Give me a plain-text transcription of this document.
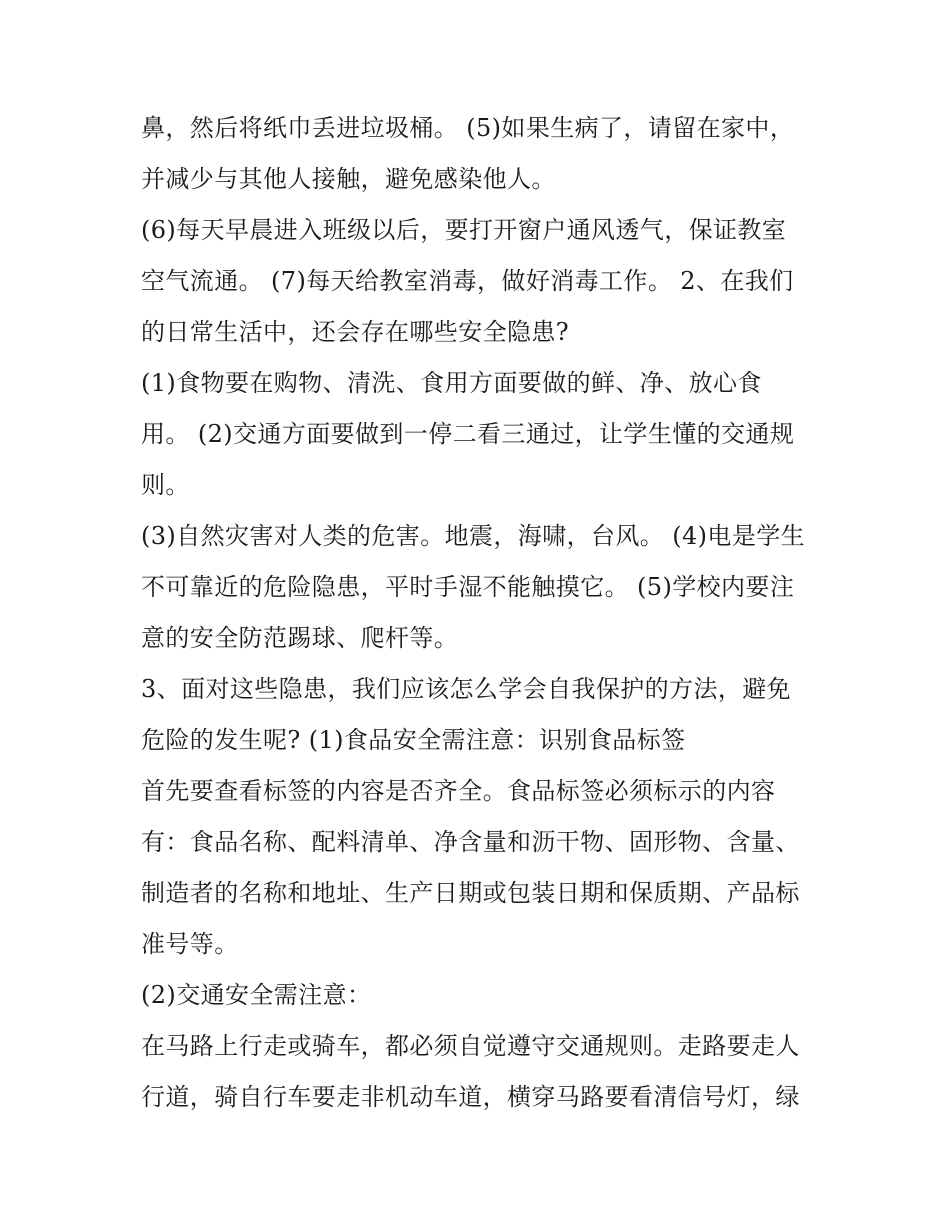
鼻，然后将纸巾丢进垃圾桶。 (5)如果生病了，请留在家中，
并减少与其他人接触，避免感染他人。
(6)每天早晨进入班级以后，要打开窗户通风透气，保证教室
空气流通。 (7)每天给教室消毒，做好消毒工作。 2、在我们
的日常生活中，还会存在哪些安全隐患?
(1)食物要在购物、清洗、食用方面要做的鲜、净、放心食
用。 (2)交通方面要做到一停二看三通过，让学生懂的交通规
则。
(3)自然灾害对人类的危害。地震，海啸，台风。 (4)电是学生
不可靠近的危险隐患，平时手湿不能触摸它。 (5)学校内要注
意的安全防范踢球、爬杆等。
3、面对这些隐患，我们应该怎么学会自我保护的方法，避免
危险的发生呢? (1)食品安全需注意：识别食品标签
首先要查看标签的内容是否齐全。食品标签必须标示的内容
有：食品名称、配料清单、净含量和沥干物、固形物、含量、
制造者的名称和地址、生产日期或包装日期和保质期、产品标
准号等。
(2)交通安全需注意：
在马路上行走或骑车，都必须自觉遵守交通规则。走路要走人
行道，骑自行车要走非机动车道，横穿马路要看清信号灯，绿
